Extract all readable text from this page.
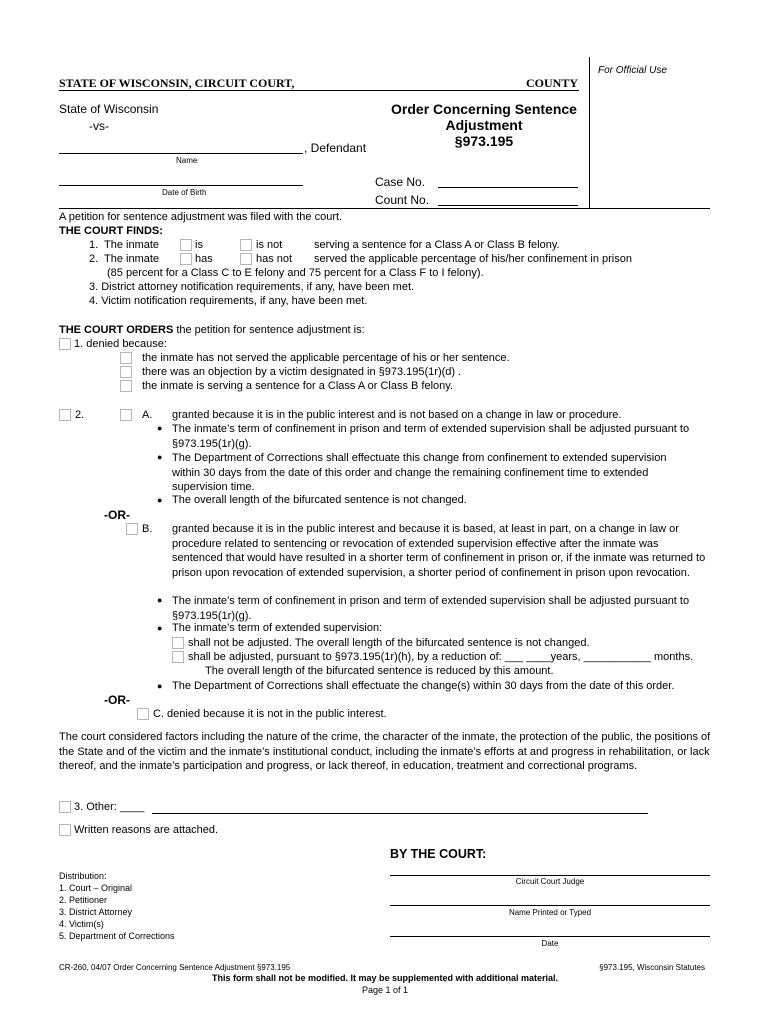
For Official Use
STATE OF WISCONSIN, CIRCUIT COURT,	COUNTY
State of Wisconsin
-vs-
, Defendant
Name
Date of Birth
Order Concerning Sentence
Adjustment
§973.195
Case No.
Count No.
A petition for sentence adjustment was filed with the court.
THE COURT FINDS:
1. The inmate	is	is not	serving a sentence for a Class A or Class B felony.
2. The inmate	has	has not served the applicable percentage of his/her confinement in prison
(85 percent for a Class C to E felony and 75 percent for a Class F to I felony).
3. District attorney notification requirements, if any, have been met.
4. Victim notification requirements, if any, have been met.
THE COURT ORDERS the petition for sentence adjustment is:
1. denied because:
the inmate has not served the applicable percentage of his or her sentence.
there was an objection by a victim designated in §973.195(1r)(d) .
the inmate is serving a sentence for a Class A or Class B felony.
2.	A. granted because it is in the public interest and is not based on a change in law or procedure.
● The inmate’s term of confinement in prison and term of extended supervision shall be adjusted pursuant to §973.195(1r)(g).
● The Department of Corrections shall effectuate this change from confinement to extended supervision within 30 days from the date of this order and change the remaining confinement time to extended supervision time.
● The overall length of the bifurcated sentence is not changed.
-OR-
B. granted because it is in the public interest and because it is based, at least in part, on a change in law or procedure related to sentencing or revocation of extended supervision effective after the inmate was sentenced that would have resulted in a shorter term of confinement in prison or, if the inmate was returned to prison upon revocation of extended supervision, a shorter period of confinement in prison upon revocation.
● The inmate’s term of confinement in prison and term of extended supervision shall be adjusted pursuant to §973.195(1r)(g).
● The inmate’s term of extended supervision:
shall not be adjusted. The overall length of the bifurcated sentence is not changed.
shall be adjusted, pursuant to §973.195(1r)(h), by a reduction of: ___ ____years, ___________ months.
The overall length of the bifurcated sentence is reduced by this amount.
● The Department of Corrections shall effectuate the change(s) within 30 days from the date of this order.
-OR-
C. denied because it is not in the public interest.
The court considered factors including the nature of the crime, the character of the inmate, the protection of the public, the positions of the State and of the victim and the inmate’s institutional conduct, including the inmate’s efforts at and progress in rehabilitation, or lack thereof, and the inmate’s participation and progress, or lack thereof, in education, treatment and correctional programs.
3. Other: ____
Written reasons are attached.
BY THE COURT:
Circuit Court Judge
Name Printed or Typed
Date
Distribution:
1. Court – Original
2. Petitioner
3. District Attorney
4. Victim(s)
5. Department of Corrections
CR-260, 04/07 Order Concerning Sentence Adjustment §973.195	§973.195, Wisconsin Statutes
This form shall not be modified. It may be supplemented with additional material.
Page 1 of 1
